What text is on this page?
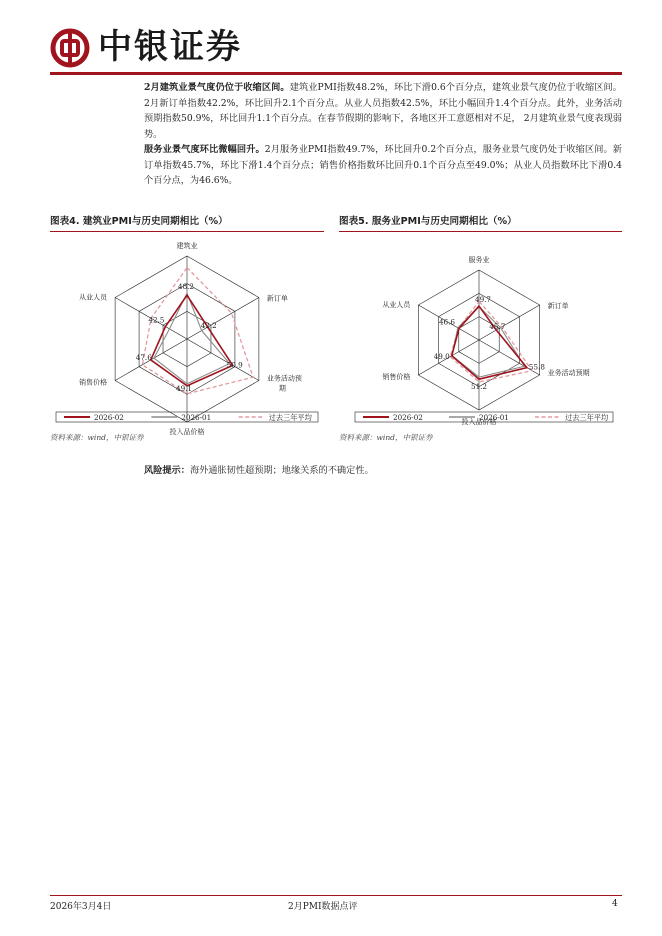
中银证券
2月建筑业景气度仍位于收缩区间。建筑业PMI指数48.2%，环比下滑0.6个百分点，建筑业景气度仍位于收缩区间。2月新订单指数42.2%，环比回升2.1个百分点。从业人员指数42.5%，环比小幅回升1.4个百分点。此外，业务活动预期指数50.9%，环比回升1.1个百分点。在春节假期的影响下，各地区开工意愿相对不足， 2月建筑业景气度表现弱势。
服务业景气度环比微幅回升。2月服务业PMI指数49.7%，环比回升0.2个百分点，服务业景气度仍处于收缩区间。新订单指数45.7%，环比下滑1.4个百分点；销售价格指数环比回升0.1个百分点至49.0%；从业人员指数环比下滑0.4个百分点，为46.6%。
图表4. 建筑业PMI与历史同期相比（%）
48.2
42.2
50.9
49.1
47.6
42.5
建筑业
新订单
业务活动预
期
投入品价格
销售价格
从业人员
2026-02	2026-01	过去三年平均
资料来源：wind，中银证券
图表5. 服务业PMI与历史同期相比（%）
49.7
45.7
55.8
51.2
49.0
46.6
服务业
新订单
业务活动预期
投入品价格
销售价格
从业人员
2026-02	2026-01	过去三年平均
资料来源：wind，中银证券
风险提示：海外通胀韧性超预期；地缘关系的不确定性。
2026年3月4日	2月PMI数据点评	4
